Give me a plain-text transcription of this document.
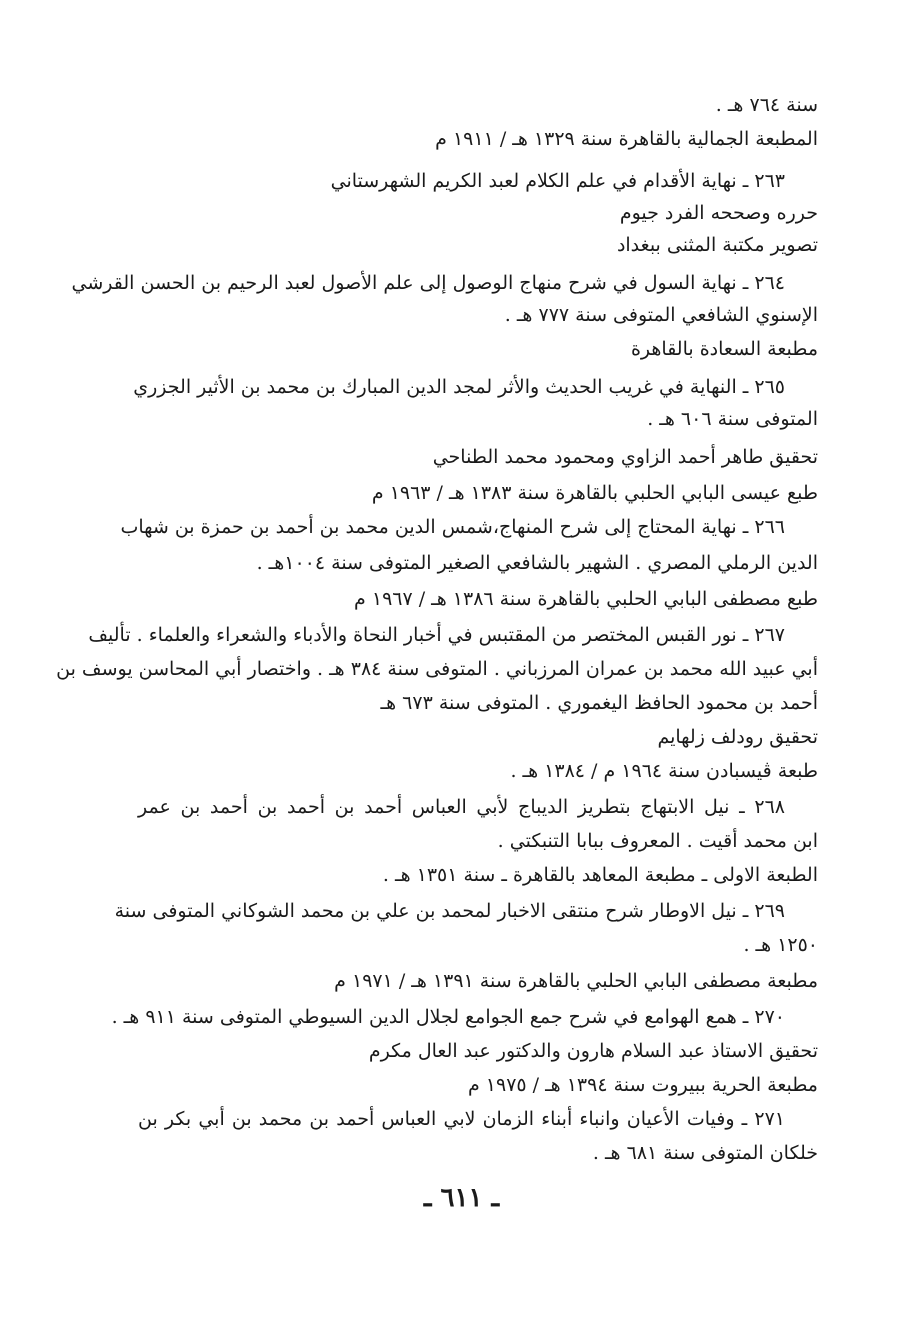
سنة ٧٦٤ هـ .
المطبعة الجمالية بالقاهرة سنة ١٣٢٩ هـ / ١٩١١ م
٢٦٣ ـ نهاية الأقدام في علم الكلام لعبد الكريم الشهرستاني
حرره وصححه الفرد جيوم
تصوير مكتبة المثنى ببغداد
٢٦٤ ـ نهاية السول في شرح منهاج الوصول إلى علم الأصول لعبد الرحيم بن الحسن القرشي
الإسنوي الشافعي المتوفى سنة ٧٧٧ هـ .
مطبعة السعادة بالقاهرة
٢٦٥ ـ النهاية في غريب الحديث والأثر لمجد الدين المبارك بن محمد بن الأثير الجزري
المتوفى سنة ٦٠٦ هـ .
تحقيق طاهر أحمد الزاوي ومحمود محمد الطناحي
طبع عيسى البابي الحلبي بالقاهرة سنة ١٣٨٣ هـ / ١٩٦٣ م
٢٦٦ ـ نهاية المحتاج إلى شرح المنهاج،شمس الدين محمد بن أحمد بن حمزة بن شهاب
الدين الرملي المصري . الشهير بالشافعي الصغير المتوفى سنة ١٠٠٤هـ .
طبع مصطفى البابي الحلبي بالقاهرة سنة ١٣٨٦ هـ / ١٩٦٧ م
٢٦٧ ـ نور القبس المختصر من المقتبس في أخبار النحاة والأدباء والشعراء والعلماء . تأليف
أبي عبيد الله محمد بن عمران المرزباني . المتوفى سنة ٣٨٤ هـ . واختصار أبي المحاسن يوسف بن
أحمد بن محمود الحافظ اليغموري . المتوفى سنة ٦٧٣ هـ
تحقيق رودلف زلهايم
طبعة ڤيسبادن سنة ١٩٦٤ م / ١٣٨٤ هـ .
٢٦٨ ـ نيل الابتهاج بتطريز الديباج لأبي العباس أحمد بن أحمد بن أحمد بن عمر
ابن محمد أقيت . المعروف ببابا التنبكتي .
الطبعة الاولى ـ مطبعة المعاهد بالقاهرة ـ سنة ١٣٥١ هـ .
٢٦٩ ـ نيل الاوطار شرح منتقى الاخبار لمحمد بن علي بن محمد الشوكاني المتوفى سنة
١٢٥٠ هـ .
مطبعة مصطفى البابي الحلبي بالقاهرة سنة ١٣٩١ هـ / ١٩٧١ م
٢٧٠ ـ همع الهوامع في شرح جمع الجوامع لجلال الدين السيوطي المتوفى سنة ٩١١ هـ .
تحقيق الاستاذ عبد السلام هارون والدكتور عبد العال مكرم
مطبعة الحرية ببيروت سنة ١٣٩٤ هـ / ١٩٧٥ م
٢٧١ ـ وفيات الأعيان وانباء أبناء الزمان لابي العباس أحمد بن محمد بن أبي بكر بن
خلكان المتوفى سنة ٦٨١ هـ .
ـ ٦١١ ـ
